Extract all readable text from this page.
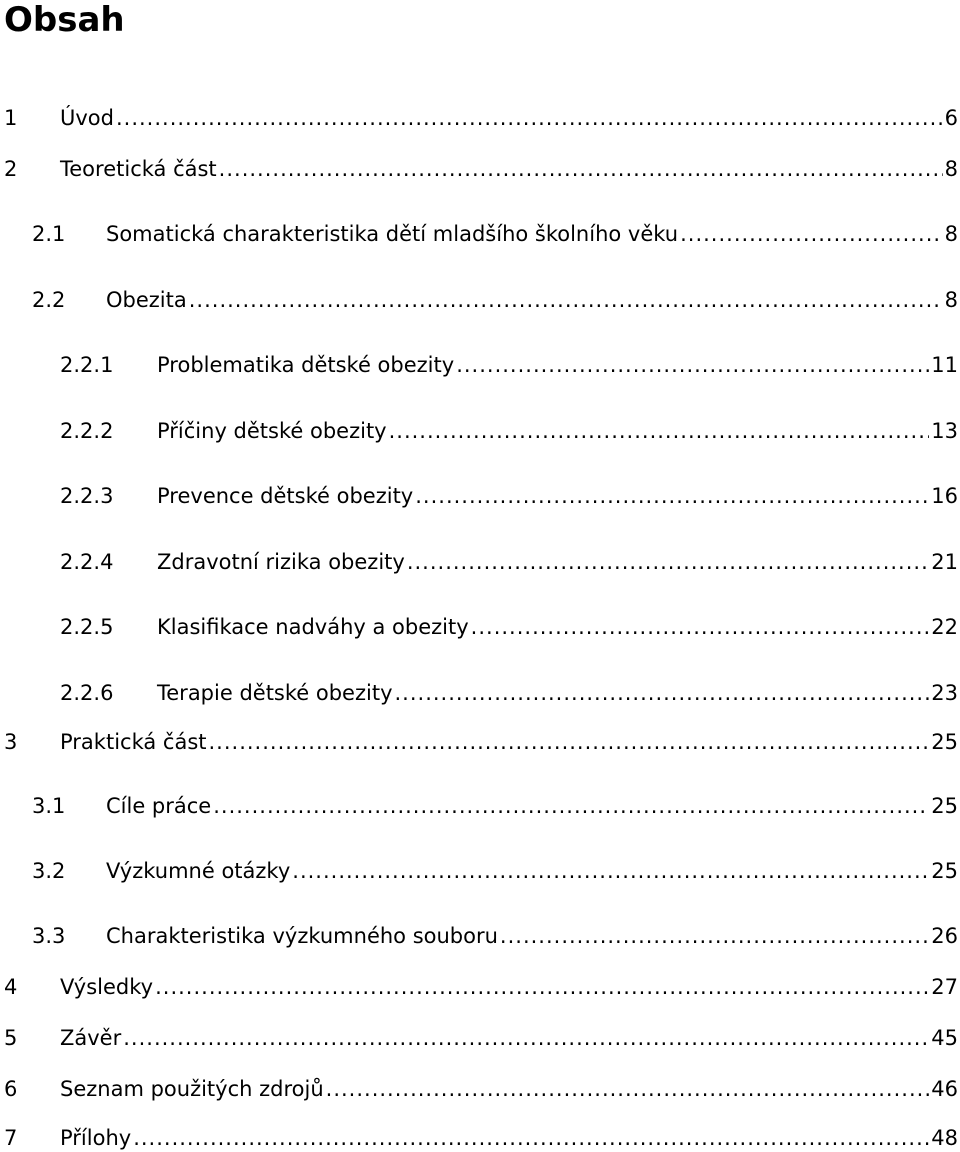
Obsah
1 Úvod .....	6
2 Teoretická část .....	8
2.1 Somatická charakteristika dětí mladšího školního věku .....	8
2.2 Obezita .....	8
2.2.1 Problematika dětské obezity .....	11
2.2.2 Příčiny dětské obezity .....	13
2.2.3 Prevence dětské obezity .....	16
2.2.4 Zdravotní rizika obezity .....	21
2.2.5 Klasifikace nadváhy a obezity .....	22
2.2.6 Terapie dětské obezity .....	23
3 Praktická část .....	25
3.1 Cíle práce .....	25
3.2 Výzkumné otázky .....	25
3.3 Charakteristika výzkumného souboru .....	26
4 Výsledky .....	27
5 Závěr .....	45
6 Seznam použitých zdrojů .....	46
7 Přílohy .....	48
